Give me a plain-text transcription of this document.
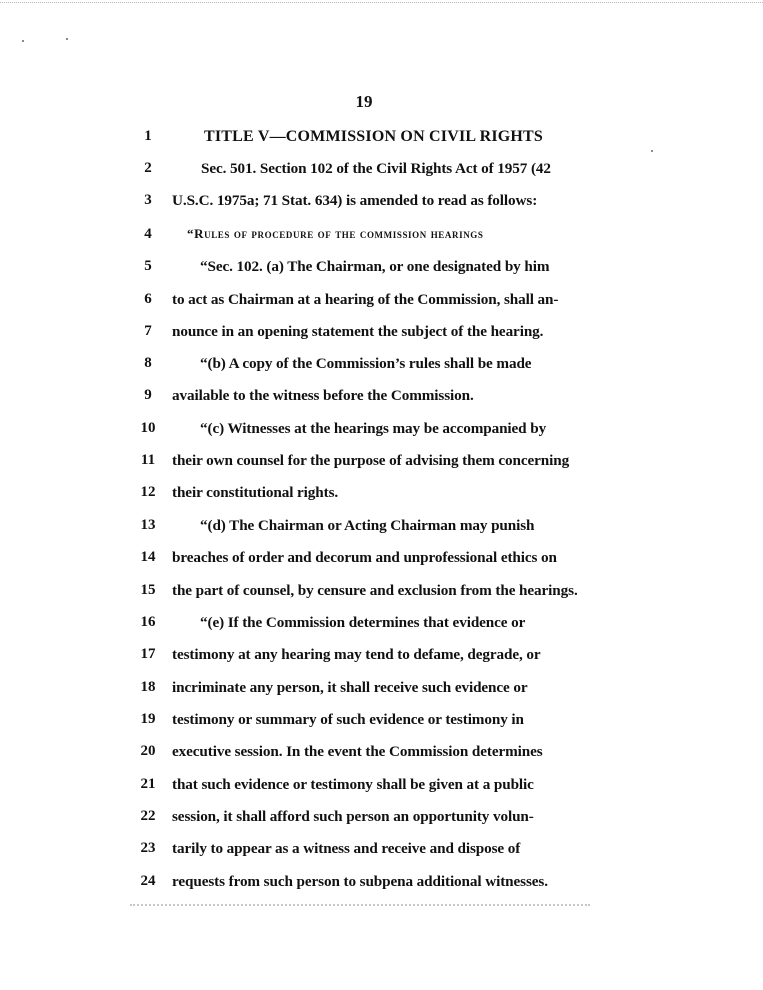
19
1	TITLE V—COMMISSION ON CIVIL RIGHTS
2	Sec. 501. Section 102 of the Civil Rights Act of 1957 (42
3	U.S.C. 1975a; 71 Stat. 634) is amended to read as follows:
4	“Rules of procedure of the commission hearings
5	“Sec. 102. (a) The Chairman, or one designated by him
6	to act as Chairman at a hearing of the Commission, shall an-
7	nounce in an opening statement the subject of the hearing.
8	“(b) A copy of the Commission’s rules shall be made
9	available to the witness before the Commission.
10	“(c) Witnesses at the hearings may be accompanied by
11	their own counsel for the purpose of advising them concerning
12	their constitutional rights.
13	“(d) The Chairman or Acting Chairman may punish
14	breaches of order and decorum and unprofessional ethics on
15	the part of counsel, by censure and exclusion from the hearings.
16	“(e) If the Commission determines that evidence or
17	testimony at any hearing may tend to defame, degrade, or
18	incriminate any person, it shall receive such evidence or
19	testimony or summary of such evidence or testimony in
20	executive session. In the event the Commission determines
21	that such evidence or testimony shall be given at a public
22	session, it shall afford such person an opportunity volun-
23	tarily to appear as a witness and receive and dispose of
24	requests from such person to subpena additional witnesses.
